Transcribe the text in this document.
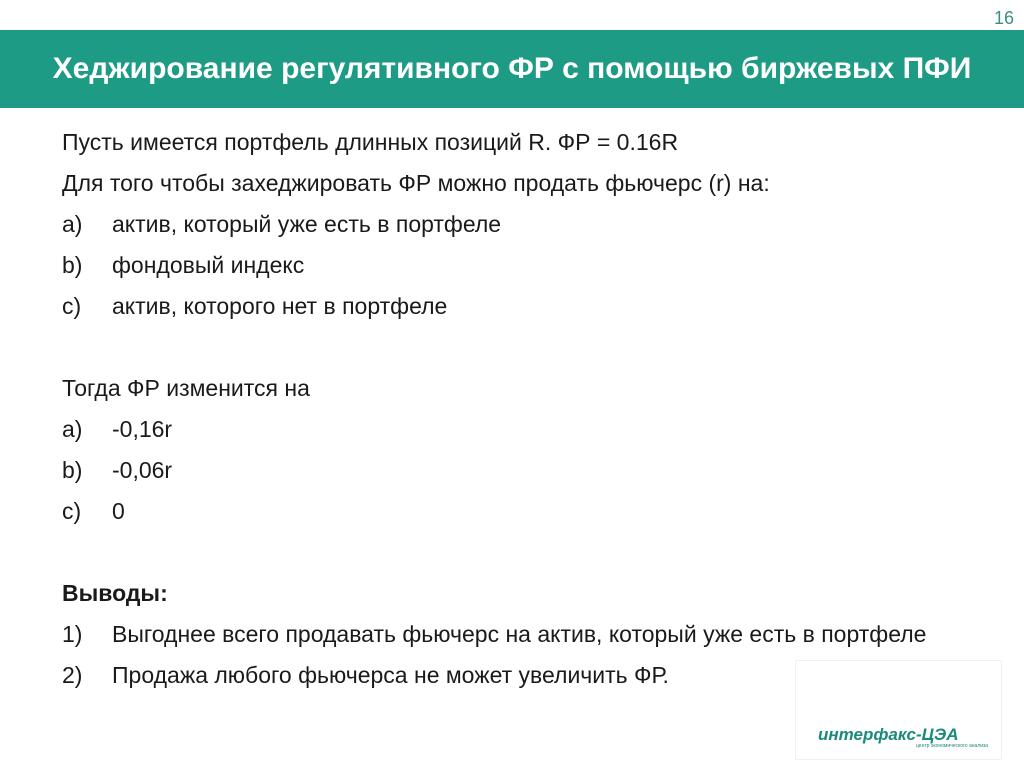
16
Хеджирование регулятивного ФР с помощью биржевых ПФИ
Пусть имеется портфель длинных позиций R. ФР = 0.16R
Для того чтобы захеджировать ФР можно продать фьючерс (r) на:
a)	актив, который уже есть в портфеле
b)	фондовый индекс
c)	актив, которого нет в портфеле
Тогда ФР изменится на
a)	-0,16r
b)	-0,06r
c)	0
Выводы:
1)	Выгоднее всего продавать фьючерс на актив, который уже есть в портфеле
2)	Продажа любого фьючерса не может увеличить ФР.
интерфакс-ЦЭА
центр экономического анализа
